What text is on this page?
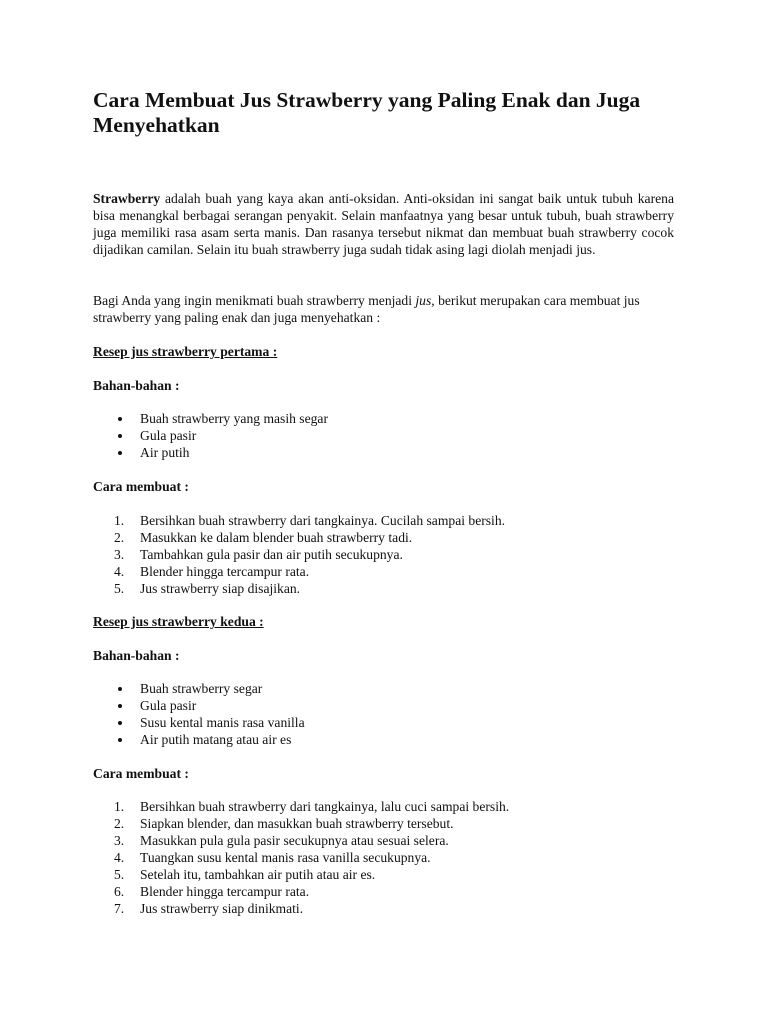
Cara Membuat Jus Strawberry yang Paling Enak dan Juga Menyehatkan

Strawberry adalah buah yang kaya akan anti-oksidan. Anti-oksidan ini sangat baik untuk tubuh karena bisa menangkal berbagai serangan penyakit. Selain manfaatnya yang besar untuk tubuh, buah strawberry juga memiliki rasa asam serta manis. Dan rasanya tersebut nikmat dan membuat buah strawberry cocok dijadikan camilan. Selain itu buah strawberry juga sudah tidak asing lagi diolah menjadi jus.

Bagi Anda yang ingin menikmati buah strawberry menjadi jus, berikut merupakan cara membuat jus strawberry yang paling enak dan juga menyehatkan :

Resep jus strawberry pertama :

Bahan-bahan :

Buah strawberry yang masih segar
Gula pasir
Air putih

Cara membuat :

1. Bersihkan buah strawberry dari tangkainya. Cucilah sampai bersih.
2. Masukkan ke dalam blender buah strawberry tadi.
3. Tambahkan gula pasir dan air putih secukupnya.
4. Blender hingga tercampur rata.
5. Jus strawberry siap disajikan.

Resep jus strawberry kedua :

Bahan-bahan :

Buah strawberry segar
Gula pasir
Susu kental manis rasa vanilla
Air putih matang atau air es

Cara membuat :

1. Bersihkan buah strawberry dari tangkainya, lalu cuci sampai bersih.
2. Siapkan blender, dan masukkan buah strawberry tersebut.
3. Masukkan pula gula pasir secukupnya atau sesuai selera.
4. Tuangkan susu kental manis rasa vanilla secukupnya.
5. Setelah itu, tambahkan air putih atau air es.
6. Blender hingga tercampur rata.
7. Jus strawberry siap dinikmati.
